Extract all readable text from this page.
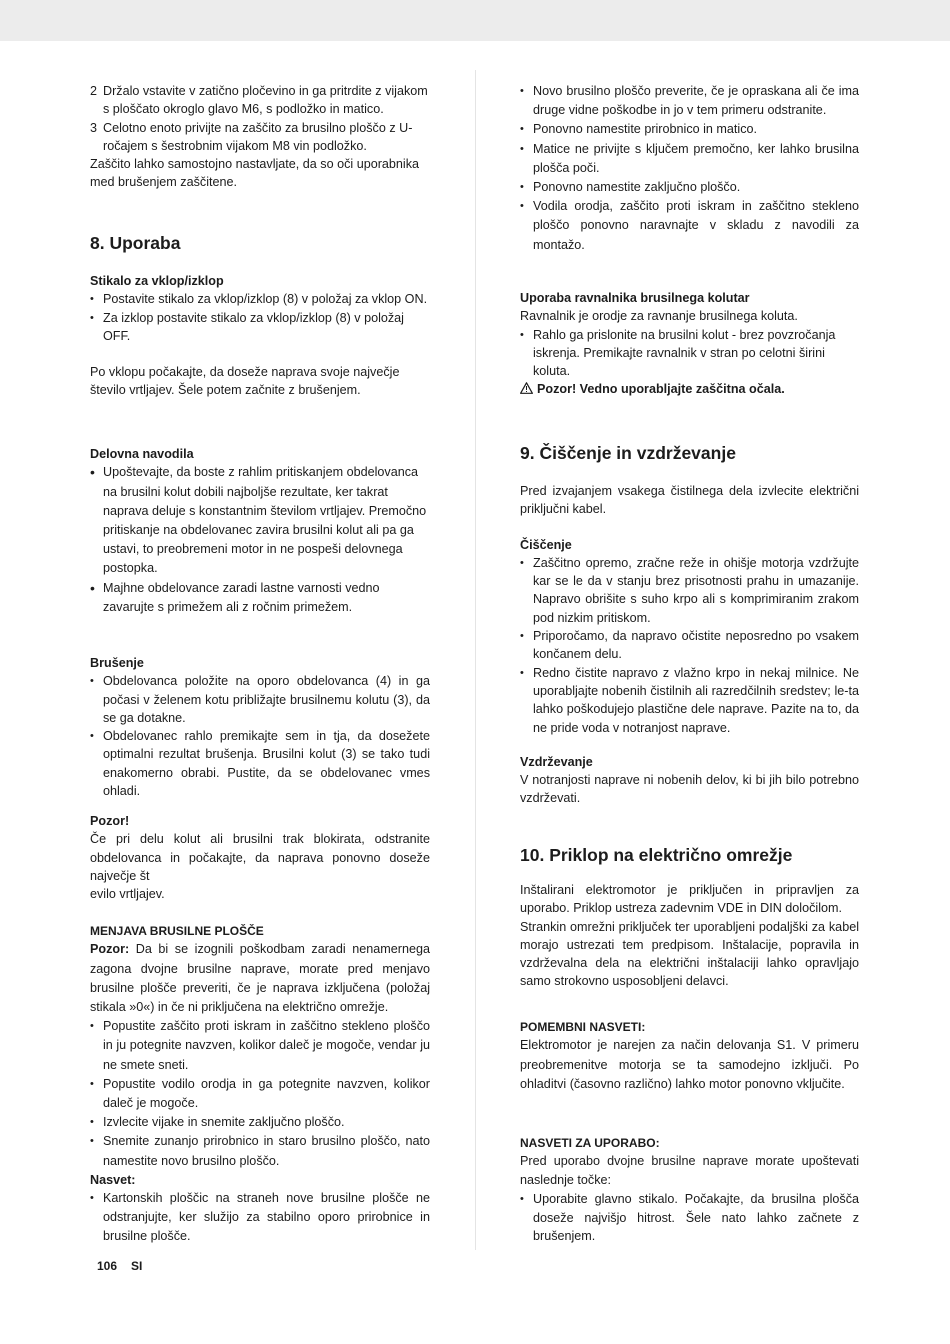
2 Držalo vstavite v zatično pločevino in ga pritrdite z vijakom s ploščato okroglo glavo M6, s podložko in matico.
3 Celotno enoto privijte na zaščito za brusilno ploščo z U-ročajem s šestrobnim vijakom M8 vin podložko.

Zaščito lahko samostojno nastavljate, da so oči uporabnika med brušenjem zaščitene.

8. Uporaba
Stikalo za vklop/izklop
• Postavite stikalo za vklop/izklop (8) v položaj za vklop ON.
• Za izklop postavite stikalo za vklop/izklop (8) v položaj OFF.

Po vklopu počakajte, da doseže naprava svoje največje število vrtljajev. Šele potem začnite z brušenjem.

Delovna navodila
• Upoštevajte, da boste z rahlim pritiskanjem obdelovanca na brusilni kolut dobili najboljše rezultate, ker takrat naprava deluje s konstantnim številom vrtljajev. Premočno pritiskanje na obdelovanec zavira brusilni kolut ali pa ga ustavi, to preobremeni motor in ne pospeši delovnega postopka.
• Majhne obdelovance zaradi lastne varnosti vedno zavarujte s primežem ali z ročnim primežem.
Brušenje
• Obdelovanca položite na oporo obdelovanca (4) in ga počasi v želenem kotu približajte brusilnemu kolutu (3), da se ga dotakne.
• Obdelovanec rahlo premikajte sem in tja, da dosežete optimalni rezultat brušenja. Brusilni kolut (3) se tako tudi enakomerno obrabi. Pustite, da se obdelovanec vmes ohladi.
Pozor!

Če pri delu kolut ali brusilni trak blokirata, odstranite obdelovanca in počakajte, da naprava ponovno doseže največje št

evilo vrtljajev.

MENJAVA BRUSILNE PLOŠČE

Pozor: Da bi se izognili poškodbam zaradi nenamernega zagona dvojne brusilne naprave, morate pred menjavo brusilne plošče preveriti, če je naprava izključena (položaj stikala »0«) in če ni priključena na električno omrežje.

• Popustite zaščito proti iskram in zaščitno stekleno ploščo in ju potegnite navzven, kolikor daleč je mogoče, vendar ju ne smete sneti.
• Popustite vodilo orodja in ga potegnite navzven, kolikor daleč je mogoče.
• Izvlecite vijake in snemite zaključno ploščo.
• Snemite zunanjo prirobnico in staro brusilno ploščo, nato namestite novo brusilno ploščo.
Nasvet:
• Kartonskih ploščic na straneh nove brusilne plošče ne odstranjujte, ker služijo za stabilno oporo prirobnice in brusilne plošče.
• Novo brusilno ploščo preverite, če je opraskana ali če ima druge vidne poškodbe in jo v tem primeru odstranite.
• Ponovno namestite prirobnico in matico.
• Matice ne privijte s ključem premočno, ker lahko brusilna plošča poči.
• Ponovno namestite zaključno ploščo.
• Vodila orodja, zaščito proti iskram in zaščitno stekleno ploščo ponovno naravnajte v skladu z navodili za montažo.
Uporaba ravnalnika brusilnega kolutar

Ravnalnik je orodje za ravnanje brusilnega koluta.

• Rahlo ga prislonite na brusilni kolut - brez povzročanja iskrenja. Premikajte ravnalnik v stran po celotni širini koluta.

Pozor! Vedno uporabljajte zaščitna očala.

9. Čiščenje in vzdrževanje

Pred izvajanjem vsakega čistilnega dela izvlecite električni priključni kabel.

Čiščenje
• Zaščitno opremo, zračne reže in ohišje motorja vzdržujte kar se le da v stanju brez prisotnosti prahu in umazanije. Napravo obrišite s suho krpo ali s komprimiranim zrakom pod nizkim pritiskom.
• Priporočamo, da napravo očistite neposredno po vsakem končanem delu.
• Redno čistite napravo z vlažno krpo in nekaj milnice. Ne uporabljajte nobenih čistilnih ali razredčilnih sredstev; le-ta lahko poškodujejo plastične dele naprave. Pazite na to, da ne pride voda v notranjost naprave.
Vzdrževanje

V notranjosti naprave ni nobenih delov, ki bi jih bilo potrebno vzdrževati.

10. Priklop na električno omrežje

Inštalirani elektromotor je priključen in pripravljen za uporabo. Priklop ustreza zadevnim VDE in DIN določilom.

Strankin omrežni priključek ter uporabljeni podaljški za kabel morajo ustrezati tem predpisom. Inštalacije, popravila in vzdrževalna dela na električni inštalaciji lahko opravljajo samo strokovno usposobljeni delavci.

POMEMBNI NASVETI:

Elektromotor je narejen za način delovanja S1. V primeru preobremenitve motorja se ta samodejno izključi. Po ohladitvi (časovno različno) lahko motor ponovno vključite.

NASVETI ZA UPORABO:

Pred uporabo dvojne brusilne naprave morate upoštevati naslednje točke:

• Uporabite glavno stikalo. Počakajte, da brusilna plošča doseže najvišjo hitrost. Šele nato lahko začnete z brušenjem.
106 SI
